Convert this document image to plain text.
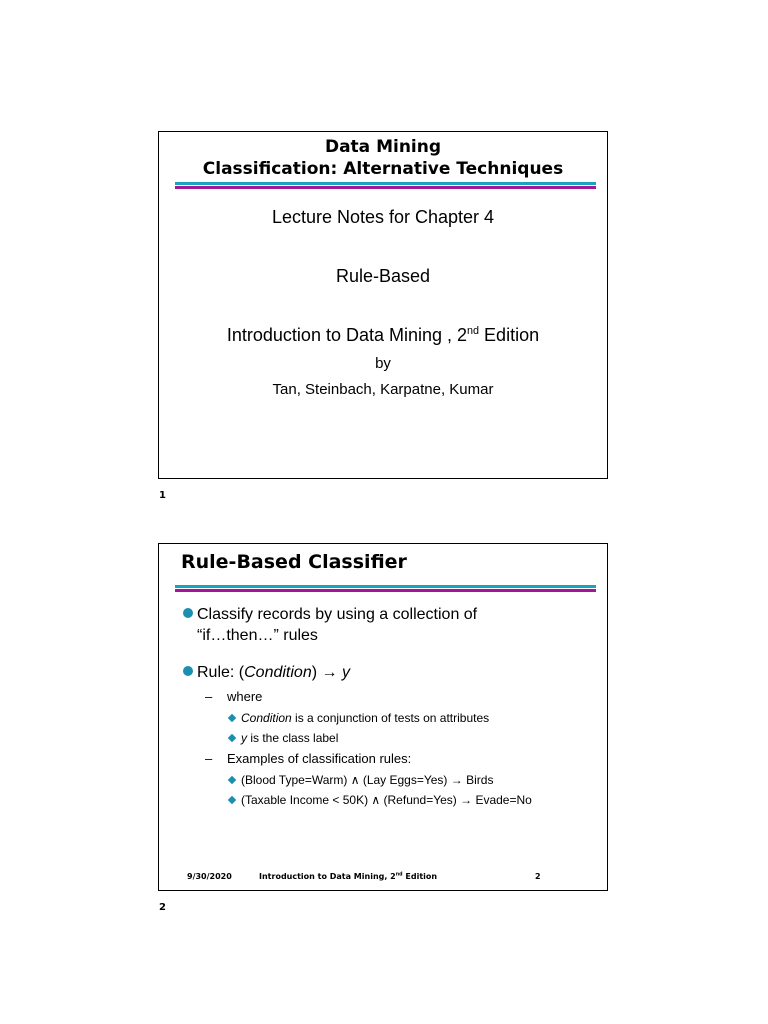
Data Mining
Classification: Alternative Techniques
Lecture Notes for Chapter 4
Rule-Based
Introduction to Data Mining , 2nd Edition
by
Tan, Steinbach, Karpatne, Kumar
1
Rule-Based Classifier
Classify records by using a collection of
“if…then…” rules
Rule: (Condition) → y
– where
Condition is a conjunction of tests on attributes
y is the class label
– Examples of classification rules:
(Blood Type=Warm) ∧ (Lay Eggs=Yes) → Birds
(Taxable Income < 50K) ∧ (Refund=Yes) → Evade=No
9/30/2020	Introduction to Data Mining, 2nd Edition	2
2
